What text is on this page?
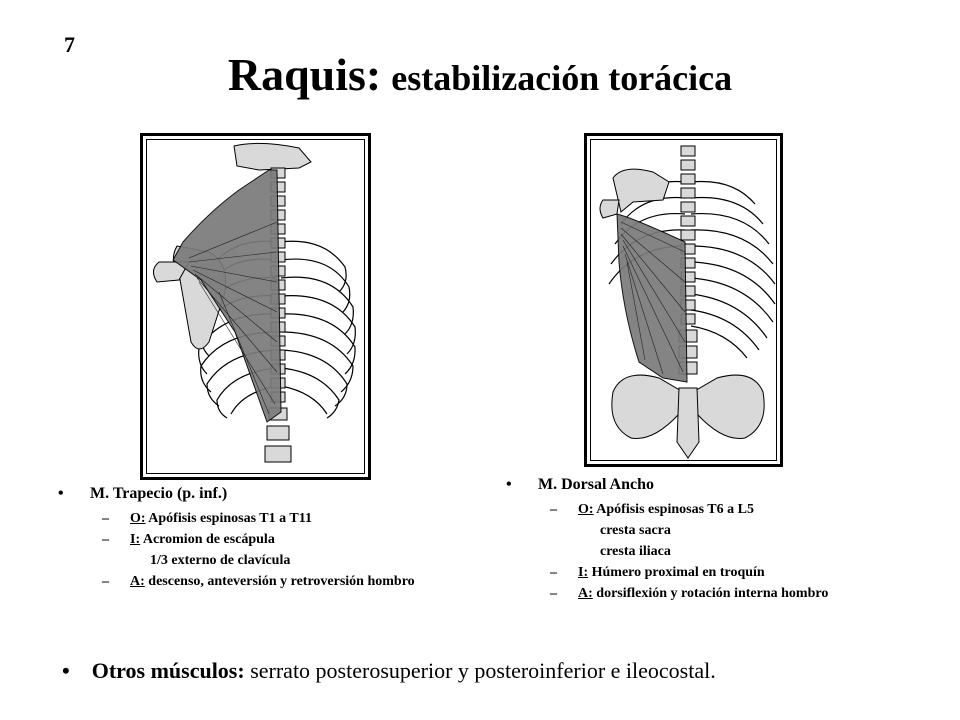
7
Raquis: estabilización torácica
• M. Trapecio (p. inf.)
– O: Apófisis espinosas T1 a T11
– I: Acromion de escápula
1/3 externo de clavícula
– A: descenso, anteversión y retroversión hombro
• M. Dorsal Ancho
– O: Apófisis espinosas T6 a L5
cresta sacra
cresta iliaca
– I: Húmero proximal en troquín
– A: dorsiflexión y rotación interna hombro
• Otros músculos: serrato posterosuperior y posteroinferior e ileocostal.
